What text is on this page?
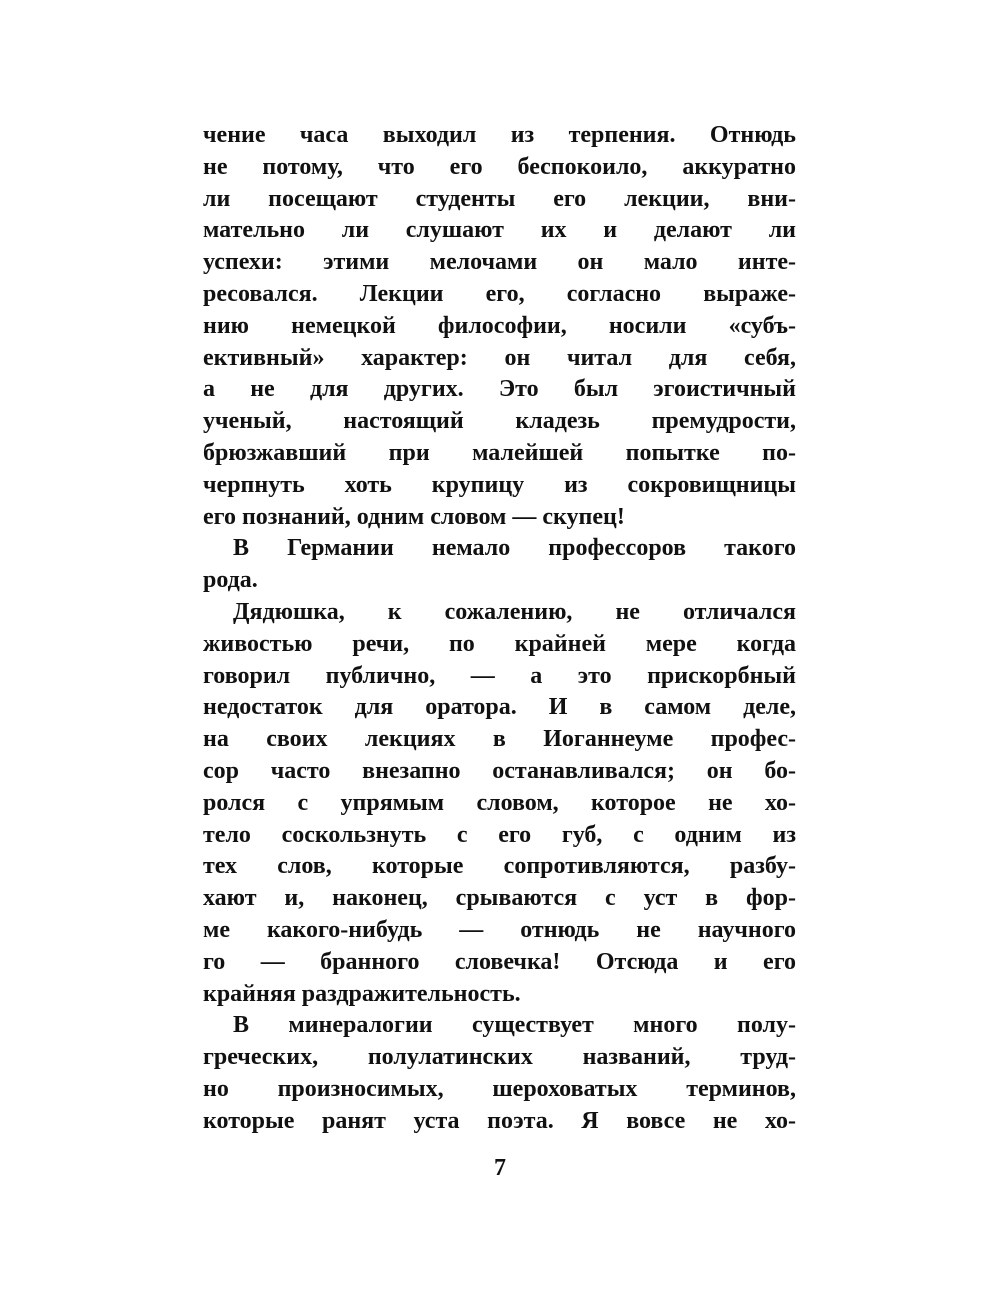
чение часа выходил из терпения. Отнюдь
не потому, что его беспокоило, аккуратно
ли посещают студенты его лекции, вни-
мательно ли слушают их и делают ли
успехи: этими мелочами он мало инте-
ресовался. Лекции его, согласно выраже-
нию немецкой философии, носили «субъ-
ективный» характер: он читал для себя,
а не для других. Это был эгоистичный
ученый, настоящий кладезь премудрости,
брюзжавший при малейшей попытке по-
черпнуть хоть крупицу из сокровищницы
его познаний, одним словом — скупец!
В Германии немало профессоров такого
рода.
Дядюшка, к сожалению, не отличался
живостью речи, по крайней мере когда
говорил публично, — а это прискорбный
недостаток для оратора. И в самом деле,
на своих лекциях в Иоганнеуме профес-
сор часто внезапно останавливался; он бо-
ролся с упрямым словом, которое не хо-
тело соскользнуть с его губ, с одним из
тех слов, которые сопротивляются, разбу-
хают и, наконец, срываются с уст в фор-
ме какого-нибудь — отнюдь не научного
го — бранного словечка! Отсюда и его
крайняя раздражительность.
В минералогии существует много полу-
греческих, полулатинских названий, труд-
но произносимых, шероховатых терминов,
которые ранят уста поэта. Я вовсе не хо-
7
